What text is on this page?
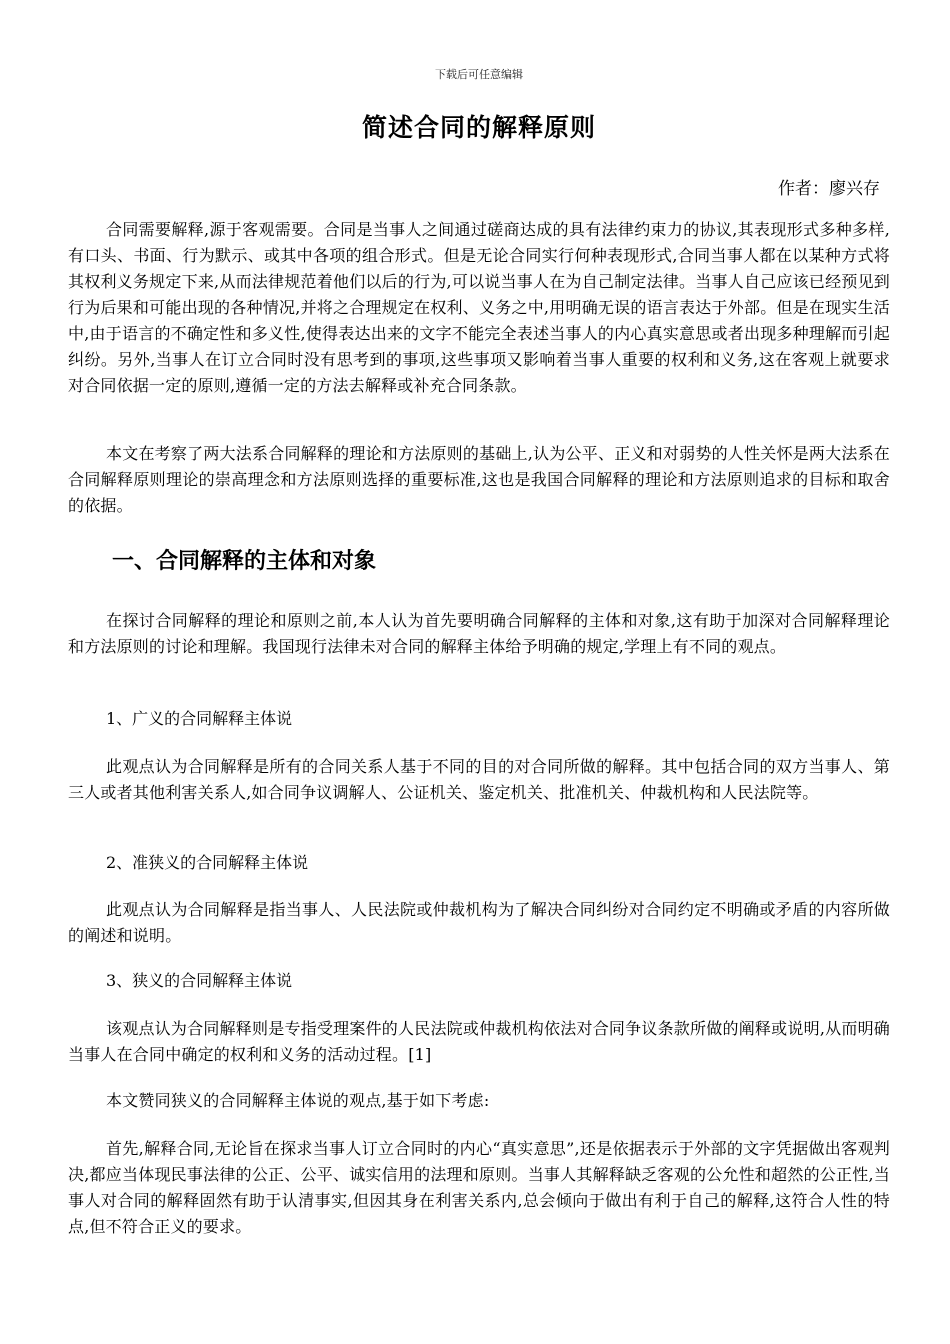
下载后可任意编辑
简述合同的解释原则
作者：廖兴存

合同需要解释,源于客观需要。合同是当事人之间通过磋商达成的具有法律约束力的协议,其表现形式多种多样,有口头、书面、行为默示、或其中各项的组合形式。但是无论合同实行何种表现形式,合同当事人都在以某种方式将其权利义务规定下来,从而法律规范着他们以后的行为,可以说当事人在为自己制定法律。当事人自己应该已经预见到行为后果和可能出现的各种情况,并将之合理规定在权利、义务之中,用明确无误的语言表达于外部。但是在现实生活中,由于语言的不确定性和多义性,使得表达出来的文字不能完全表述当事人的内心真实意思或者出现多种理解而引起纠纷。另外,当事人在订立合同时没有思考到的事项,这些事项又影响着当事人重要的权利和义务,这在客观上就要求对合同依据一定的原则,遵循一定的方法去解释或补充合同条款。

本文在考察了两大法系合同解释的理论和方法原则的基础上,认为公平、正义和对弱势的人性关怀是两大法系在合同解释原则理论的崇高理念和方法原则选择的重要标准,这也是我国合同解释的理论和方法原则追求的目标和取舍的依据。

一、合同解释的主体和对象

在探讨合同解释的理论和原则之前,本人认为首先要明确合同解释的主体和对象,这有助于加深对合同解释理论和方法原则的讨论和理解。我国现行法律未对合同的解释主体给予明确的规定,学理上有不同的观点。

1、广义的合同解释主体说

此观点认为合同解释是所有的合同关系人基于不同的目的对合同所做的解释。其中包括合同的双方当事人、第三人或者其他利害关系人,如合同争议调解人、公证机关、鉴定机关、批准机关、仲裁机构和人民法院等。

2、准狭义的合同解释主体说

此观点认为合同解释是指当事人、人民法院或仲裁机构为了解决合同纠纷对合同约定不明确或矛盾的内容所做的阐述和说明。

3、狭义的合同解释主体说

该观点认为合同解释则是专指受理案件的人民法院或仲裁机构依法对合同争议条款所做的阐释或说明,从而明确当事人在合同中确定的权利和义务的活动过程。[1]

本文赞同狭义的合同解释主体说的观点,基于如下考虑:

首先,解释合同,无论旨在探求当事人订立合同时的内心“真实意思”,还是依据表示于外部的文字凭据做出客观判决,都应当体现民事法律的公正、公平、诚实信用的法理和原则。当事人其解释缺乏客观的公允性和超然的公正性,当事人对合同的解释固然有助于认清事实,但因其身在利害关系内,总会倾向于做出有利于自己的解释,这符合人性的特点,但不符合正义的要求。
